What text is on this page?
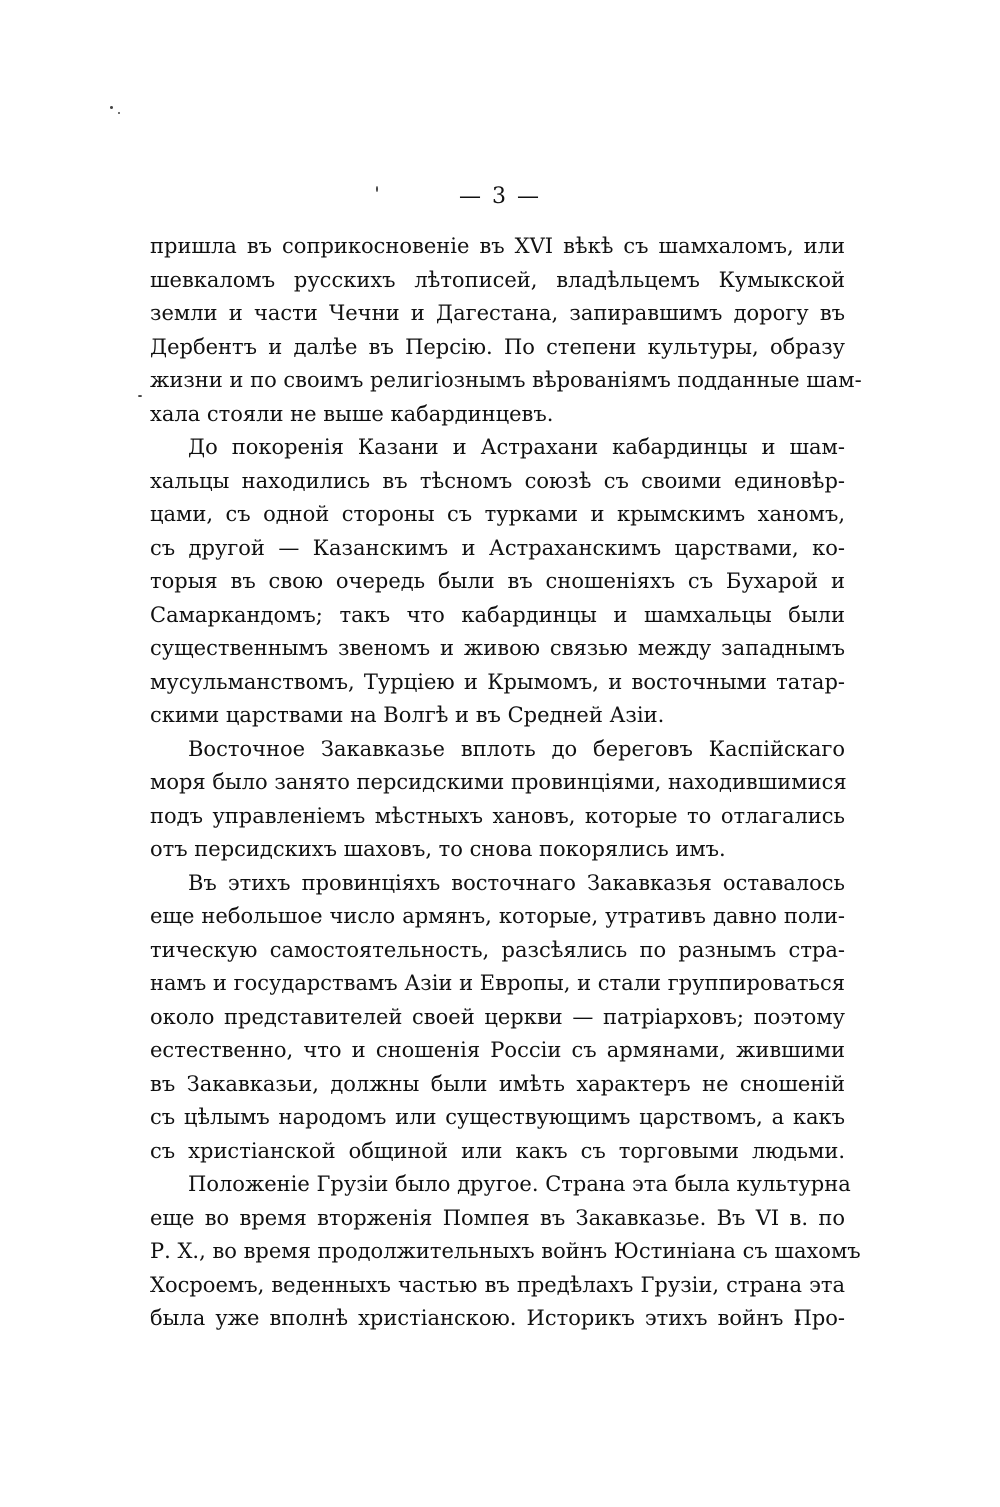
— 3 —
пришла въ соприкосновеніе въ XVI вѣкѣ съ шамхаломъ, или
шевкаломъ русскихъ лѣтописей, владѣльцемъ Кумыкской
земли и части Чечни и Дагестана, запиравшимъ дорогу въ
Дербентъ и далѣе въ Персію. По степени культуры, образу
жизни и по своимъ религіознымъ вѣрованіямъ подданные шам-
хала стояли не выше кабардинцевъ.
До покоренія Казани и Астрахани кабардинцы и шам-
хальцы находились въ тѣсномъ союзѣ съ своими единовѣр-
цами, съ одной стороны съ турками и крымскимъ ханомъ,
съ другой — Казанскимъ и Астраханскимъ царствами, ко-
торыя въ свою очередь были въ сношеніяхъ съ Бухарой и
Самаркандомъ; такъ что кабардинцы и шамхальцы были
существеннымъ звеномъ и живою связью между западнымъ
мусульманствомъ, Турціею и Крымомъ, и восточными татар-
скими царствами на Волгѣ и въ Средней Азіи.
Восточное Закавказье вплоть до береговъ Каспійскаго
моря было занято персидскими провинціями, находившимися
подъ управленіемъ мѣстныхъ хановъ, которые то отлагались
отъ персидскихъ шаховъ, то снова покорялись имъ.
Въ этихъ провинціяхъ восточнаго Закавказья оставалось
еще небольшое число армянъ, которые, утративъ давно поли-
тическую самостоятельность, разсѣялись по разнымъ стра-
намъ и государствамъ Азіи и Европы, и стали группироваться
около представителей своей церкви — патріарховъ; поэтому
естественно, что и сношенія Россіи съ армянами, жившими
въ Закавказьи, должны были имѣть характеръ не сношеній
съ цѣлымъ народомъ или существующимъ царствомъ, а какъ
съ христіанской общиной или какъ съ торговыми людьми.
Положеніе Грузіи было другое. Страна эта была культурна
еще во время вторженія Помпея въ Закавказье. Въ VI в. по
Р. Х., во время продолжительныхъ войнъ Юстиніана съ шахомъ
Хосроемъ, веденныхъ частью въ предѣлахъ Грузіи, страна эта
была уже вполнѣ христіанскою. Историкъ этихъ войнъ Про-
